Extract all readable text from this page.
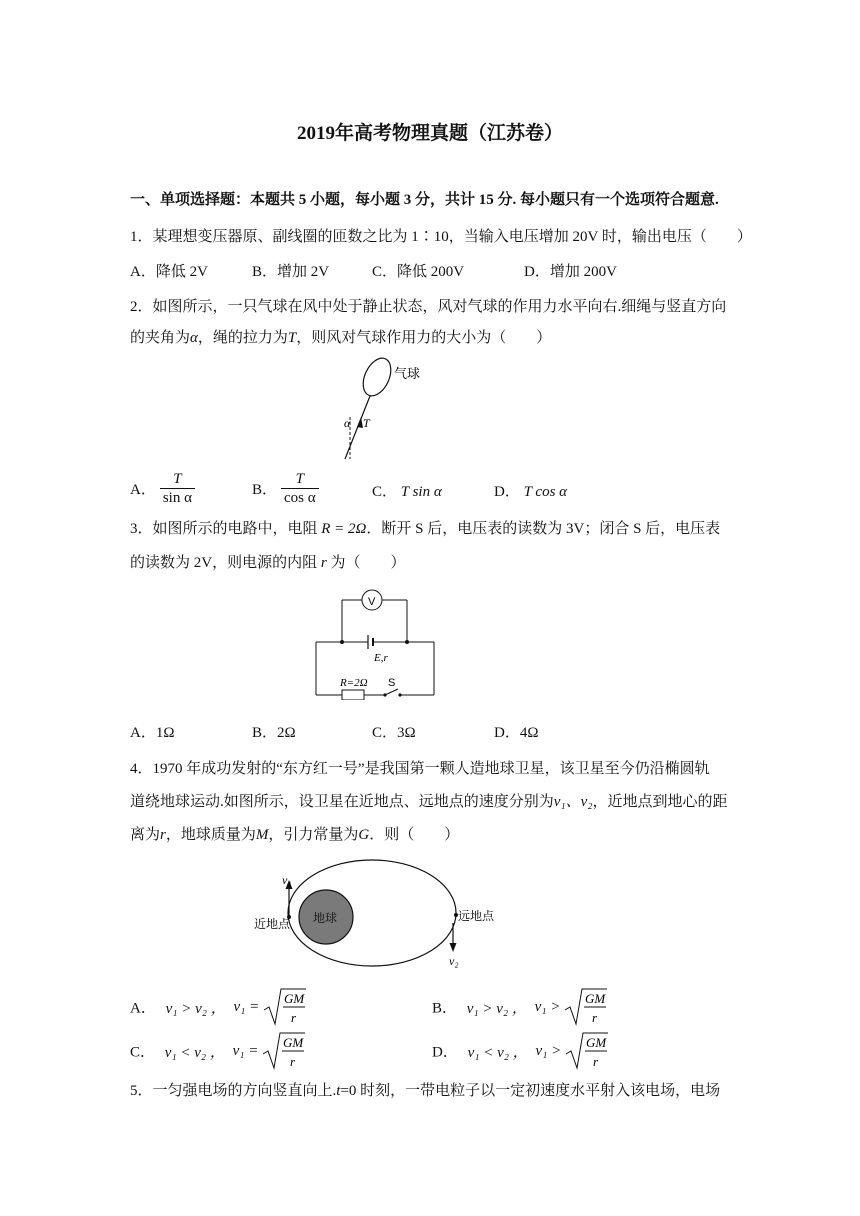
2019年高考物理真题（江苏卷）
一、单项选择题：本题共 5 小题，每小题 3 分，共计 15 分. 每小题只有一个选项符合题意.
1．某理想变压器原、副线圈的匝数之比为 1∶10，当输入电压增加 20V 时，输出电压（　　）
A．降低 2V	B．增加 2V	C．降低 200V	D．增加 200V
2．如图所示，一只气球在风中处于静止状态，风对气球的作用力水平向右.细绳与竖直方向
的夹角为α，绳的拉力为T，则风对气球作用力的大小为（　　）
气球
α T
A． $\frac{T}{\text{sin α}}$	B． $\frac{T}{\text{cos α}}$	C． T sin α	D． T cos α
3．如图所示的电路中，电阻 R = 2Ω．断开 S 后，电压表的读数为 3V；闭合 S 后，电压表
的读数为 2V，则电源的内阻 r 为（　　）
V
E,r
R=2Ω S
A．1Ω	B．2Ω	C．3Ω	D．4Ω
4．1970 年成功发射的“东方红一号”是我国第一颗人造地球卫星，该卫星至今仍沿椭圆轨
道绕地球运动.如图所示，设卫星在近地点、远地点的速度分别为v₁、v₂，近地点到地心的距
离为r，地球质量为M，引力常量为G．则（　　）
地球
v₁
近地点
v₂
远地点
A． v₁ > v₂ ， v₁ = GM
r
B． v₁ > v₂ ， v₁ > GM
r
C． v₁ < v₂ ， v₁ = GM
r
D． v₁ < v₂ ， v₁ > GM
r
5．一匀强电场的方向竖直向上.t=0 时刻，一带电粒子以一定初速度水平射入该电场，电场
